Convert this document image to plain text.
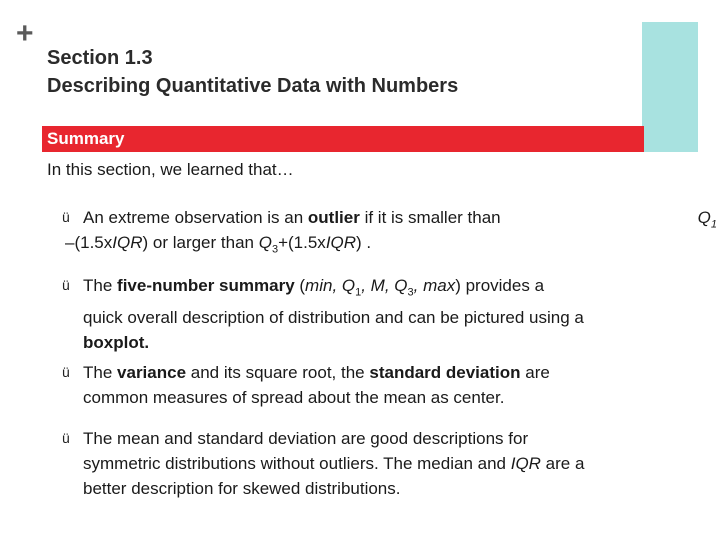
+
Section 1.3
Describing Quantitative Data with Numbers
Summary
In this section, we learned that…
ü An extreme observation is an outlier if it is smaller than	$Q_1$
–(1.5xIQR) or larger than $Q_3+(1.5xIQR)$ .
ü The five-number summary (min, $Q_1$, M, $Q_3$, max) provides a
quick overall description of distribution and can be pictured using a
boxplot.
ü The variance and its square root, the standard deviation are
common measures of spread about the mean as center.
ü The mean and standard deviation are good descriptions for
symmetric distributions without outliers. The median and IQR are a
better description for skewed distributions.
